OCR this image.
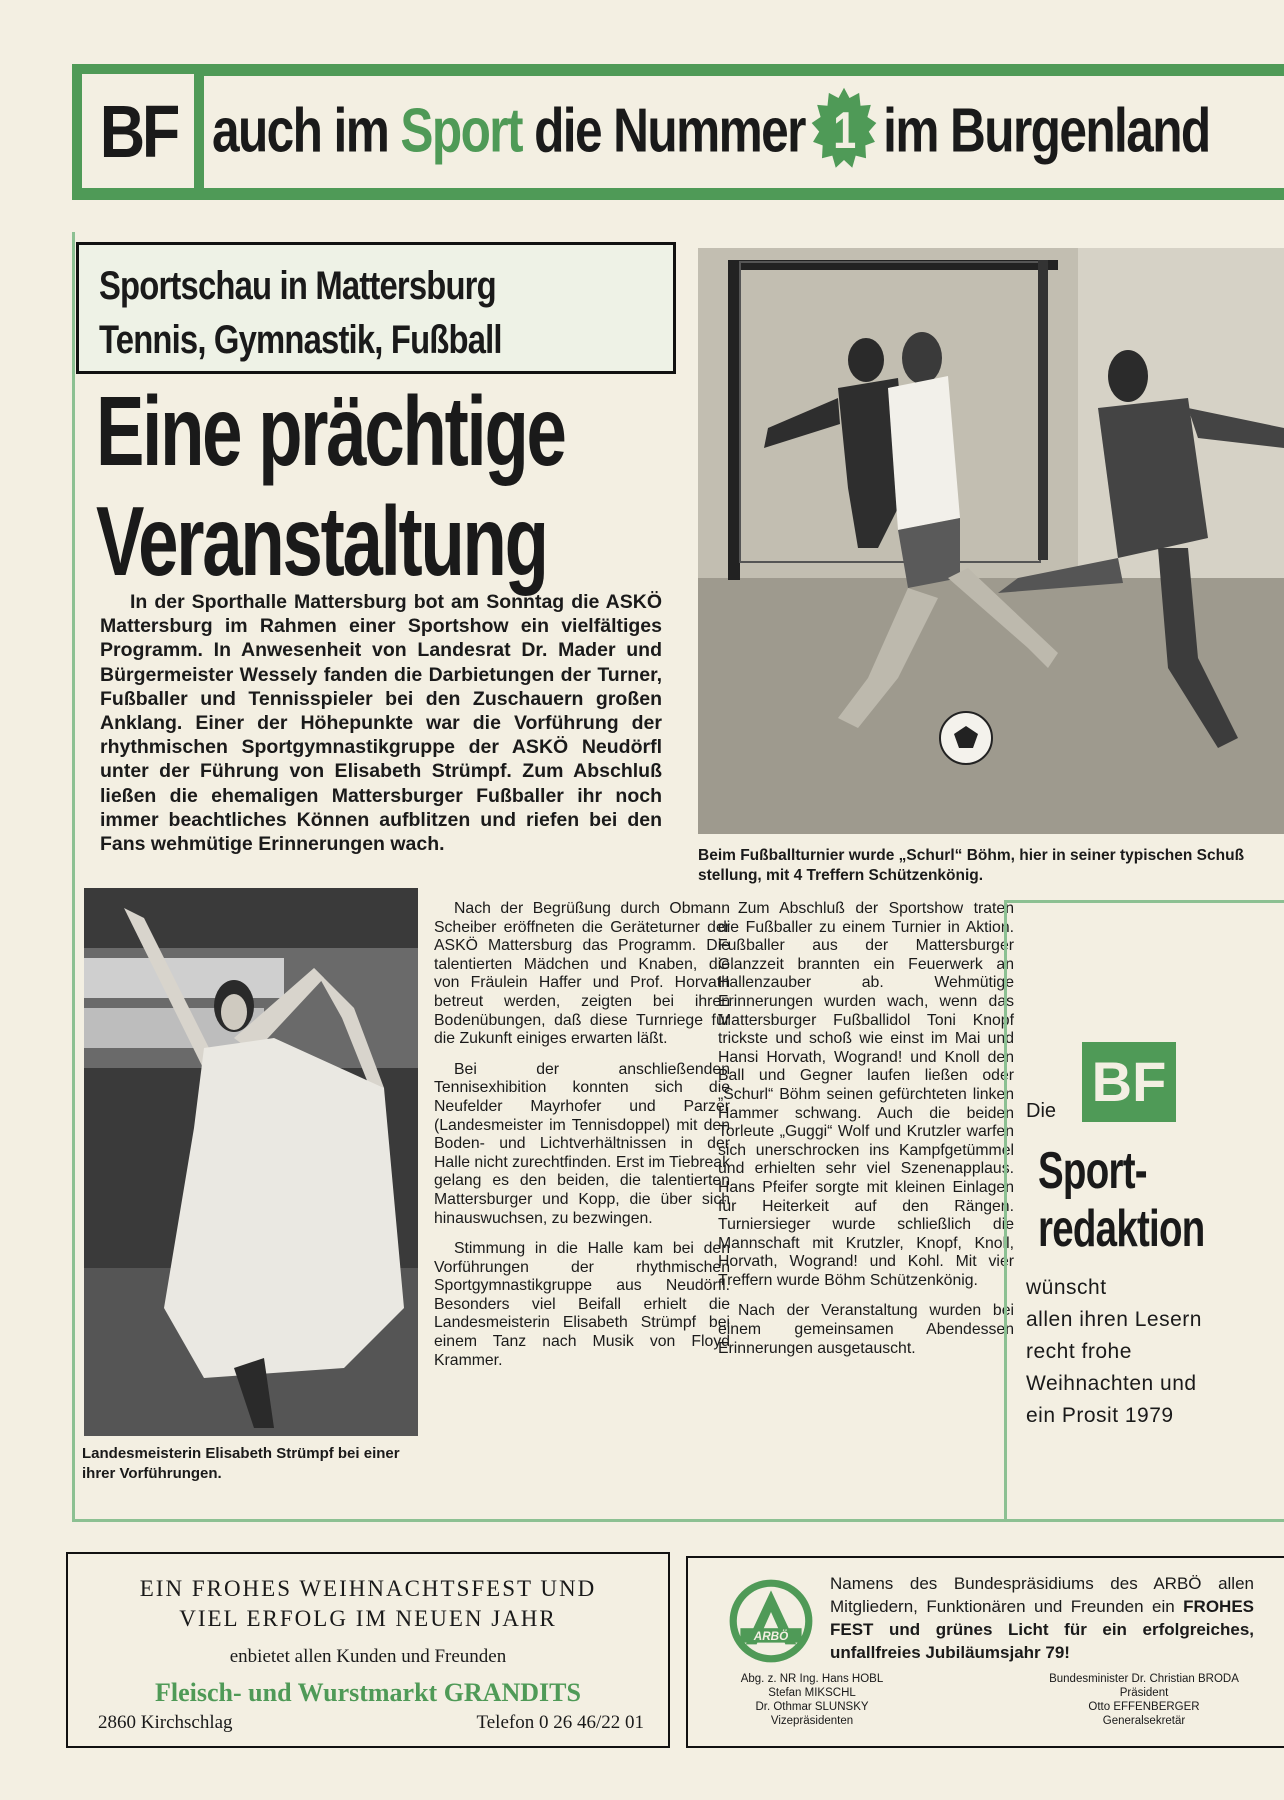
BF auch im Sport die Nummer 1 im Burgenland
Sportschau in Mattersburg
Tennis, Gymnastik, Fußball
Eine prächtige
Veranstaltung
In der Sporthalle Mattersburg bot am Sonntag die ASKÖ Mattersburg im Rahmen einer Sportshow ein vielfältiges Programm. In Anwesenheit von Landesrat Dr. Mader und Bürgermeister Wessely fanden die Darbietungen der Turner, Fußballer und Tennisspieler bei den Zuschauern großen Anklang. Einer der Höhepunkte war die Vorführung der rhythmischen Sportgymnastikgruppe der ASKÖ Neudörfl unter der Führung von Elisabeth Strümpf. Zum Abschluß ließen die ehemaligen Mattersburger Fußballer ihr noch immer beachtliches Können aufblitzen und riefen bei den Fans wehmütige Erinnerungen wach.
Beim Fußballturnier wurde „Schurl“ Böhm, hier in seiner typischen Schuß
stellung, mit 4 Treffern Schützenkönig.
Landesmeisterin Elisabeth Strümpf bei einer ihrer Vorführungen.

Nach der Begrüßung durch Obmann Scheiber eröffneten die Geräteturner der ASKÖ Mattersburg das Programm. Die talentierten Mädchen und Knaben, die von Fräulein Haffer und Prof. Horvath betreut werden, zeigten bei ihren Bodenübungen, daß diese Turnriege für die Zukunft einiges erwarten läßt.

Bei der anschließenden Tennisexhibition konnten sich die Neufelder Mayrhofer und Parzer (Landesmeister im Tennisdoppel) mit den Boden- und Lichtverhältnissen in der Halle nicht zurechtfinden. Erst im Tiebreak gelang es den beiden, die talentierten Mattersburger und Kopp, die über sich hinauswuchsen, zu bezwingen.

Stimmung in die Halle kam bei den Vorführungen der rhythmischen Sportgymnastikgruppe aus Neudörfl. Besonders viel Beifall erhielt die Landesmeisterin Elisabeth Strümpf bei einem Tanz nach Musik von Floyd Krammer.

Zum Abschluß der Sportshow traten die Fußballer zu einem Turnier in Aktion. Fußballer aus der Mattersburger Glanzzeit brannten ein Feuerwerk an Hallenzauber ab. Wehmütige Erinnerungen wurden wach, wenn das Mattersburger Fußballidol Toni Knopf trickste und schoß wie einst im Mai und Hansi Horvath, Wogrand! und Knoll den Ball und Gegner laufen ließen oder „Schurl“ Böhm seinen gefürchteten linken Hammer schwang. Auch die beiden Torleute „Guggi“ Wolf und Krutzler warfen sich unerschrocken ins Kampfgetümmel und erhielten sehr viel Szenenapplaus. Hans Pfeifer sorgte mit kleinen Einlagen für Heiterkeit auf den Rängen. Turniersieger wurde schließlich die Mannschaft mit Krutzler, Knopf, Knoll, Horvath, Wogrand! und Kohl. Mit vier Treffern wurde Böhm Schützenkönig.

Nach der Veranstaltung wurden bei einem gemeinsamen Abendessen Erinnerungen ausgetauscht.

BF
Die
Sport-
redaktion
wünscht
allen ihren Lesern
recht frohe
Weihnachten und
ein Prosit 1979
EIN FROHES WEIHNACHTSFEST UND
VIEL ERFOLG IM NEUEN JAHR
enbietet allen Kunden und Freunden
Fleisch- und Wurstmarkt GRANDITS
2860 Kirchschlag	Telefon 0 26 46/22 01
ARBÖ
Namens des Bundespräsidiums des ARBÖ allen Mitgliedern, Funktionären und Freunden ein FROHES FEST und grünes Licht für ein erfolgreiches, unfallfreies Jubiläumsjahr 79!
Abg. z. NR Ing. Hans HOBL
Stefan MIKSCHL
Dr. Othmar SLUNSKY
Vizepräsidenten
Bundesminister Dr. Christian BRODA
Präsident
Otto EFFENBERGER
Generalsekretär
